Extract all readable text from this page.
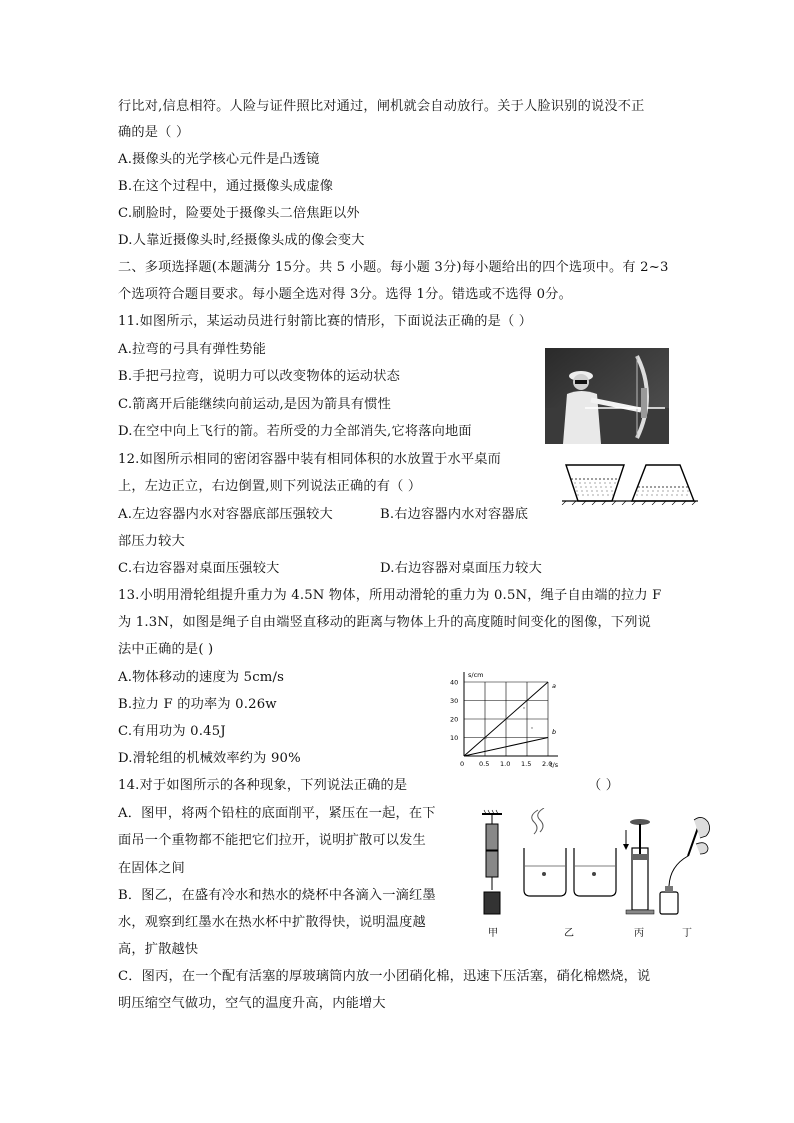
行比对,信息相符。人险与证件照比对通过，闸机就会自动放行。关于人脸识别的说没不正
确的是（ ）
A.摄像头的光学核心元件是凸透镜
B.在这个过程中，通过摄像头成虚像
C.刷脸时，险要处于摄像头二倍焦距以外
D.人靠近摄像头时,经摄像头成的像会变大
二、多项选择题(本题满分 15分。共 5 小题。每小题 3分)每小题给出的四个选项中。有 2~3
个选项符合题目要求。每小题全选对得 3分。选得 1分。错选或不选得 0分。
11.如图所示，某运动员进行射箭比赛的情形，下面说法正确的是（ ）
A.拉弯的弓具有弹性势能
B.手把弓拉弯，说明力可以改变物体的运动状态
C.箭离开后能继续向前运动,是因为箭具有惯性
D.在空中向上飞行的箭。若所受的力全部消失,它将落向地面
12.如图所示相同的密闭容器中装有相同体积的水放置于水平桌而
上，左边正立，右边倒置,则下列说法正确的有（ ）
A.左边容器内水对容器底部压强较大	B.右边容器内水对容器底
部压力较大
C.右边容器对桌面压强较大	D.右边容器对桌面压力较大
13.小明用滑轮组提升重力为 4.5N 物体，所用动滑轮的重力为 0.5N，绳子自由端的拉力 F
为 1.3N，如图是绳子自由端竖直移动的距离与物体上升的高度随时间变化的图像，下列说
法中正确的是( )
A.物体移动的速度为 5cm/s
B.拉力 F 的功率为 0.26w
C.有用功为 0.45J
D.滑轮组的机械效率约为 90%
s/cm
t/s
40
30
20
10
0 0.5 1.0 1.5 2.0
a
b
14.对于如图所示的各种现象，下列说法正确的是	（ ）
A．图甲，将两个铅柱的底面削平，紧压在一起，在下
面吊一个重物都不能把它们拉开，说明扩散可以发生
在固体之间
B．图乙，在盛有冷水和热水的烧杯中各滴入一滴红墨
水，观察到红墨水在热水杯中扩散得快，说明温度越
高，扩散越快
C．图丙，在一个配有活塞的厚玻璃筒内放一小团硝化棉，迅速下压活塞，硝化棉燃烧，说
明压缩空气做功，空气的温度升高，内能增大
甲	乙	丙	丁
